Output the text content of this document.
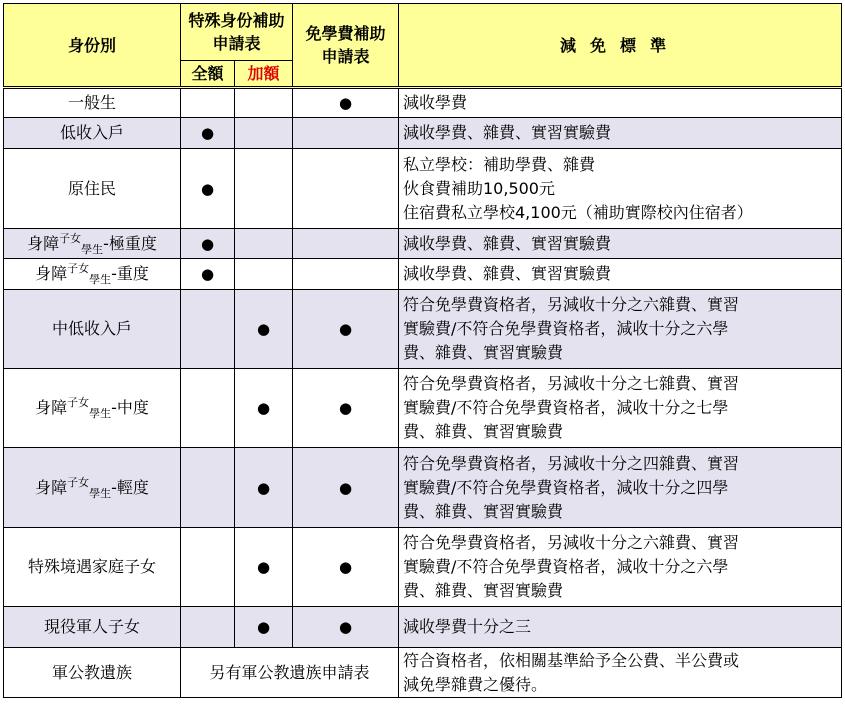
身份別	特殊身份補助申請表		免學費補助申請表	減免標準
	全額	加額		
一般生			●	減收學費

低收入戶	●			減收學費、雜費、實習實驗費

原住民	●			私立學校：補助學費、雜費
伙食費補助10,500元
住宿費私立學校4,100元（補助實際校內住宿者）

身障$^{子女}_{學生}$-極重度	●			減收學費、雜費、實習實驗費

身障$^{子女}_{學生}$-重度	●			減收學費、雜費、實習實驗費

中低收入戶		●	●	符合免學費資格者，另減收十分之六雜費、實習
實驗費/不符合免學費資格者，減收十分之六學
費、雜費、實習實驗費

身障$^{子女}_{學生}$-中度		●	●	符合免學費資格者，另減收十分之七雜費、實習
實驗費/不符合免學費資格者，減收十分之七學
費、雜費、實習實驗費

身障$^{子女}_{學生}$-輕度		●	●	符合免學費資格者，另減收十分之四雜費、實習
實驗費/不符合免學費資格者，減收十分之四學
費、雜費、實習實驗費

特殊境遇家庭子女		●	●	符合免學費資格者，另減收十分之六雜費、實習
實驗費/不符合免學費資格者，減收十分之六學
費、雜費、實習實驗費

現役軍人子女		●	●	減收學費十分之三

軍公教遺族	另有軍公教遺族申請表			符合資格者，依相關基準給予全公費、半公費或
減免學雜費之優待。
